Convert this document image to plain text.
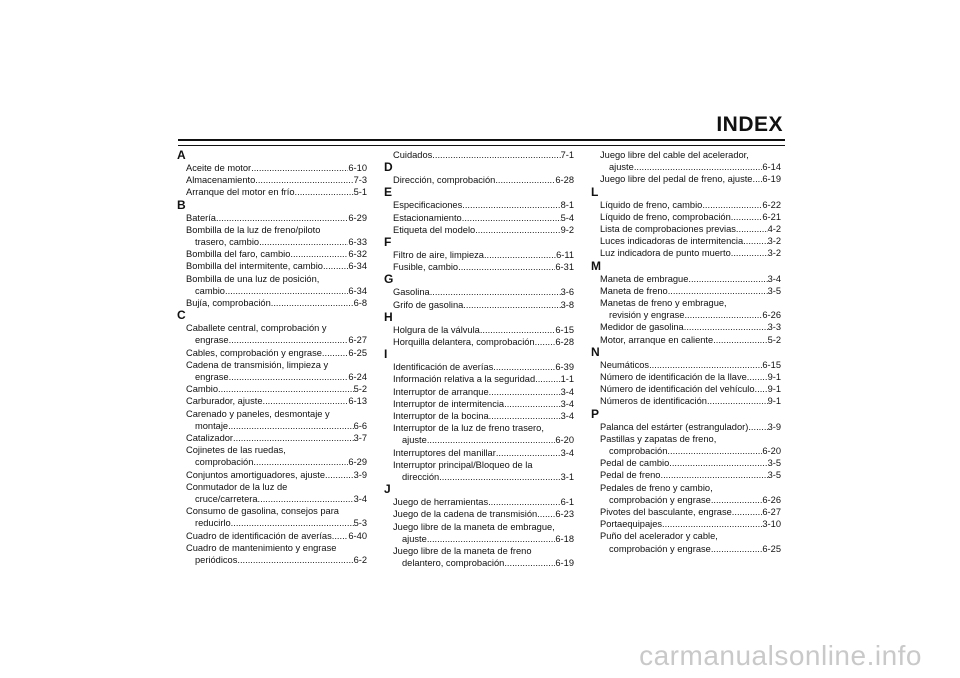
INDEX
A
Aceite de motor .....	6-10
Almacenamiento .....	7-3
Arranque del motor en frío .....	5-1
B
Batería .....	6-29
Bombilla de la luz de freno/piloto
trasero, cambio .....	6-33
Bombilla del faro, cambio .....	6-32
Bombilla del intermitente, cambio .....	6-34
Bombilla de una luz de posición,
cambio .....	6-34
Bujía, comprobación .....	6-8
C
Caballete central, comprobación y
engrase .....	6-27
Cables, comprobación y engrase .....	6-25
Cadena de transmisión, limpieza y
engrase .....	6-24
Cambio .....	5-2
Carburador, ajuste .....	6-13
Carenado y paneles, desmontaje y
montaje .....	6-6
Catalizador .....	3-7
Cojinetes de las ruedas,
comprobación .....	6-29
Conjuntos amortiguadores, ajuste .....	3-9
Conmutador de la luz de
cruce/carretera .....	3-4
Consumo de gasolina, consejos para
reducirlo .....	5-3
Cuadro de identificación de averías ..... 6-40
Cuadro de mantenimiento y engrase
periódicos .....	6-2
Cuidados .....	7-1
D
Dirección, comprobación .....	6-28
E
Especificaciones .....	8-1
Estacionamiento .....	5-4
Etiqueta del modelo .....	9-2
F
Filtro de aire, limpieza .....	6-11
Fusible, cambio .....	6-31
G
Gasolina .....	3-6
Grifo de gasolina .....	3-8
H
Holgura de la válvula .....	6-15
Horquilla delantera, comprobación ..... 6-28
I
Identificación de averías .....	6-39
Información relativa a la seguridad .....	1-1
Interruptor de arranque .....	3-4
Interruptor de intermitencia .....	3-4
Interruptor de la bocina .....	3-4
Interruptor de la luz de freno trasero,
ajuste .....	6-20
Interruptores del manillar .....	3-4
Interruptor principal/Bloqueo de la
dirección .....	3-1
J
Juego de herramientas .....	6-1
Juego de la cadena de transmisión ..... 6-23
Juego libre de la maneta de embrague,
ajuste .....	6-18
Juego libre de la maneta de freno
delantero, comprobación .....	6-19
Juego libre del cable del acelerador,
ajuste .....	6-14
Juego libre del pedal de freno, ajuste ..... 6-19
L
Líquido de freno, cambio .....	6-22
Líquido de freno, comprobación .....	6-21
Lista de comprobaciones previas .....	4-2
Luces indicadoras de intermitencia .....	3-2
Luz indicadora de punto muerto .....	3-2
M
Maneta de embrague .....	3-4
Maneta de freno .....	3-5
Manetas de freno y embrague,
revisión y engrase .....	6-26
Medidor de gasolina .....	3-3
Motor, arranque en caliente .....	5-2
N
Neumáticos .....	6-15
Número de identificación de la llave ..... 9-1
Número de identificación del vehículo ..... 9-1
Números de identificación .....	9-1
P
Palanca del estárter (estrangulador) ..... 3-9
Pastillas y zapatas de freno,
comprobación .....	6-20
Pedal de cambio .....	3-5
Pedal de freno .....	3-5
Pedales de freno y cambio,
comprobación y engrase .....	6-26
Pivotes del basculante, engrase .....	6-27
Portaequipajes .....	3-10
Puño del acelerador y cable,
comprobación y engrase .....	6-25
carmanualsonline.info
